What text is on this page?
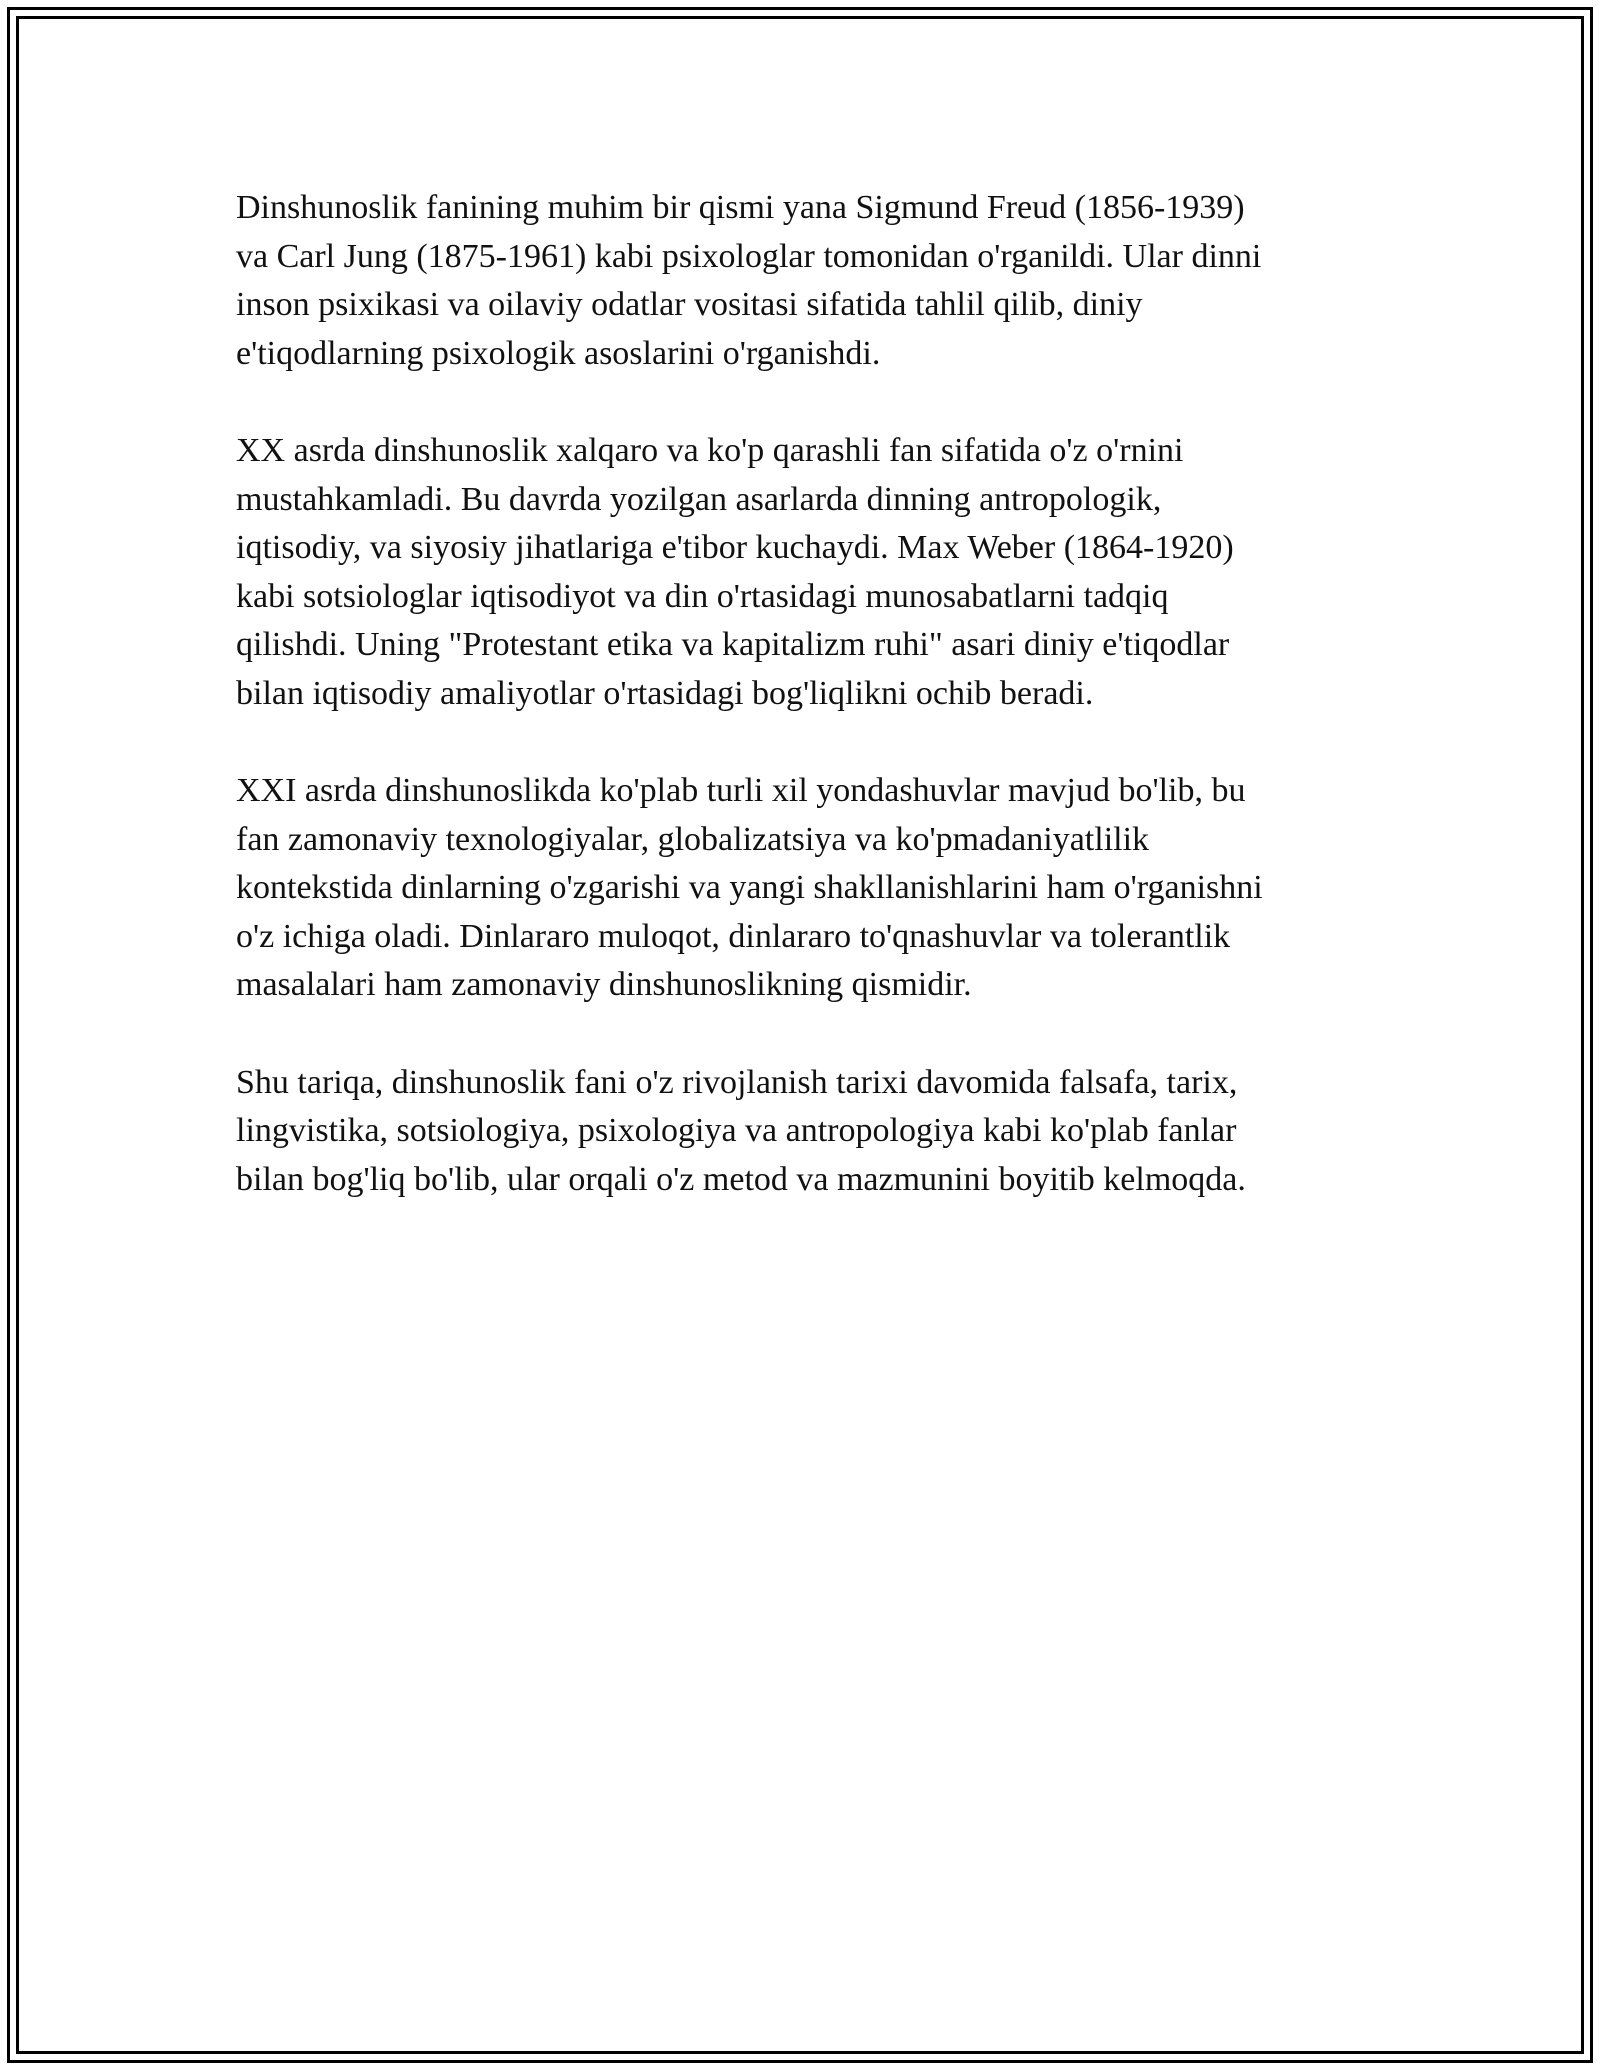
Dinshunoslik fanining muhim bir qismi yana Sigmund Freud (1856-1939)
va Carl Jung (1875-1961) kabi psixologlar tomonidan o'rganildi. Ular dinni
inson psixikasi va oilaviy odatlar vositasi sifatida tahlil qilib, diniy
e'tiqodlarning psixologik asoslarini o'rganishdi.

XX asrda dinshunoslik xalqaro va ko'p qarashli fan sifatida o'z o'rnini
mustahkamladi. Bu davrda yozilgan asarlarda dinning antropologik,
iqtisodiy, va siyosiy jihatlariga e'tibor kuchaydi. Max Weber (1864-1920)
kabi sotsiologlar iqtisodiyot va din o'rtasidagi munosabatlarni tadqiq
qilishdi. Uning "Protestant etika va kapitalizm ruhi" asari diniy e'tiqodlar
bilan iqtisodiy amaliyotlar o'rtasidagi bog'liqlikni ochib beradi.

XXI asrda dinshunoslikda ko'plab turli xil yondashuvlar mavjud bo'lib, bu
fan zamonaviy texnologiyalar, globalizatsiya va ko'pmadaniyatlilik
kontekstida dinlarning o'zgarishi va yangi shakllanishlarini ham o'rganishni
o'z ichiga oladi. Dinlararo muloqot, dinlararo to'qnashuvlar va tolerantlik
masalalari ham zamonaviy dinshunoslikning qismidir.

Shu tariqa, dinshunoslik fani o'z rivojlanish tarixi davomida falsafa, tarix,
lingvistika, sotsiologiya, psixologiya va antropologiya kabi ko'plab fanlar
bilan bog'liq bo'lib, ular orqali o'z metod va mazmunini boyitib kelmoqda.
